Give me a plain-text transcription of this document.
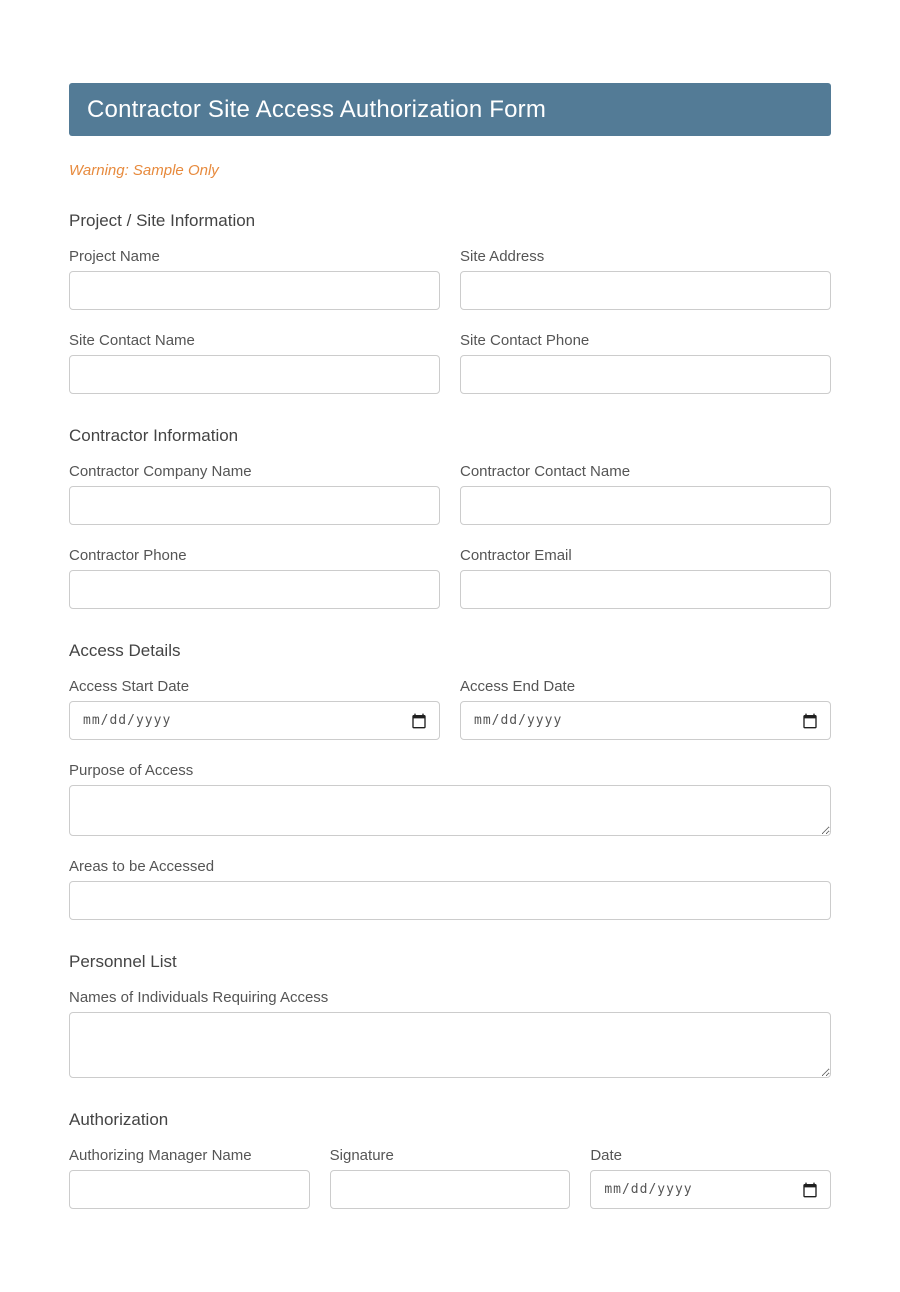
Contractor Site Access Authorization Form

Warning: Sample Only

Project / Site Information
Project Name	Site Address
Site Contact Name	Site Contact Phone
Contractor Information
Contractor Company Name	Contractor Contact Name
Contractor Phone	Contractor Email
Access Details
Access Start Date
mm/dd/yyyy
Access End Date
mm/dd/yyyy
Purpose of Access
Areas to be Accessed
Personnel List
Names of Individuals Requiring Access
Authorization
Authorizing Manager Name	Signature	Date
mm/dd/yyyy
